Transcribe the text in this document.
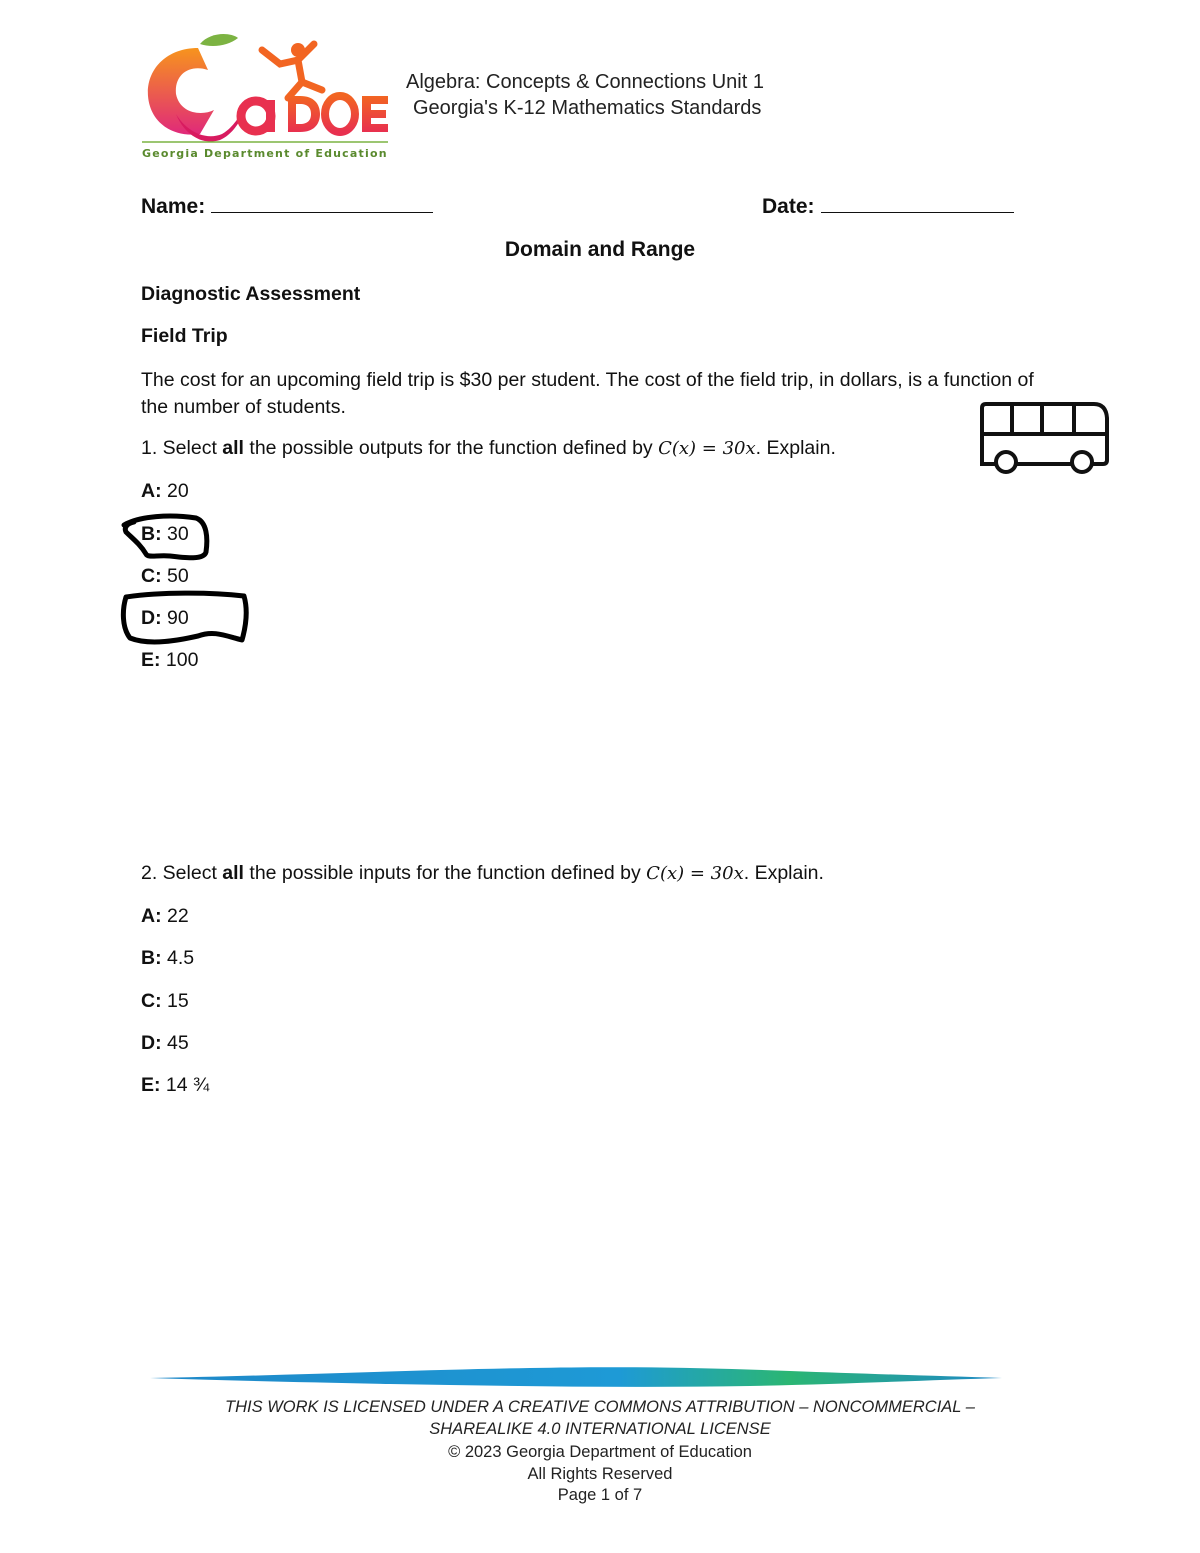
Georgia Department of Education
Algebra: Concepts & Connections Unit 1
Georgia's K-12 Mathematics Standards
Name:	Date:
Domain and Range
Diagnostic Assessment
Field Trip
The cost for an upcoming field trip is $30 per student. The cost of the field trip, in dollars, is a function of the number of students.
1. Select all the possible outputs for the function defined by C(x) = 30x. Explain.
A: 20
B: 30
C: 50
D: 90
E: 100
2. Select all the possible inputs for the function defined by C(x) = 30x. Explain.
A: 22
B: 4.5
C: 15
D: 45
E: 14 ¾
THIS WORK IS LICENSED UNDER A CREATIVE COMMONS ATTRIBUTION – NONCOMMERCIAL –
SHAREALIKE 4.0 INTERNATIONAL LICENSE
© 2023 Georgia Department of Education
All Rights Reserved
Page 1 of 7
